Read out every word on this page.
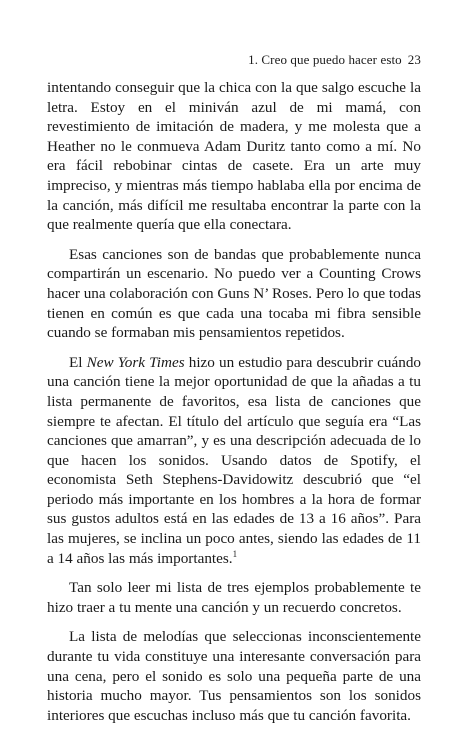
1. Creo que puedo hacer esto 23

intentando conseguir que la chica con la que salgo escuche la letra. Estoy en el miniván azul de mi mamá, con revestimiento de imitación de madera, y me molesta que a Heather no le conmueva Adam Duritz tanto como a mí. No era fácil rebobinar cintas de casete. Era un arte muy impreciso, y mientras más tiempo hablaba ella por encima de la canción, más difícil me resultaba encontrar la parte con la que realmente quería que ella conectara.

Esas canciones son de bandas que probablemente nunca compartirán un escenario. No puedo ver a Counting Crows hacer una colaboración con Guns N’ Roses. Pero lo que todas tienen en común es que cada una tocaba mi fibra sensible cuando se formaban mis pensamientos repetidos.

El New York Times hizo un estudio para descubrir cuándo una canción tiene la mejor oportunidad de que la añadas a tu lista permanente de favoritos, esa lista de canciones que siempre te afectan. El título del artículo que seguía era “Las canciones que amarran”, y es una descripción adecuada de lo que hacen los sonidos. Usando datos de Spotify, el economista Seth Stephens-Davidowitz descubrió que “el periodo más importante en los hombres a la hora de formar sus gustos adultos está en las edades de 13 a 16 años”. Para las mujeres, se inclina un poco antes, siendo las edades de 11 a 14 años las más importantes.$^1$

Tan solo leer mi lista de tres ejemplos probablemente te hizo traer a tu mente una canción y un recuerdo concretos.

La lista de melodías que seleccionas inconscientemente durante tu vida constituye una interesante conversación para una cena, pero el sonido es solo una pequeña parte de una historia mucho mayor. Tus pensamientos son los sonidos interiores que escuchas incluso más que tu canción favorita.
